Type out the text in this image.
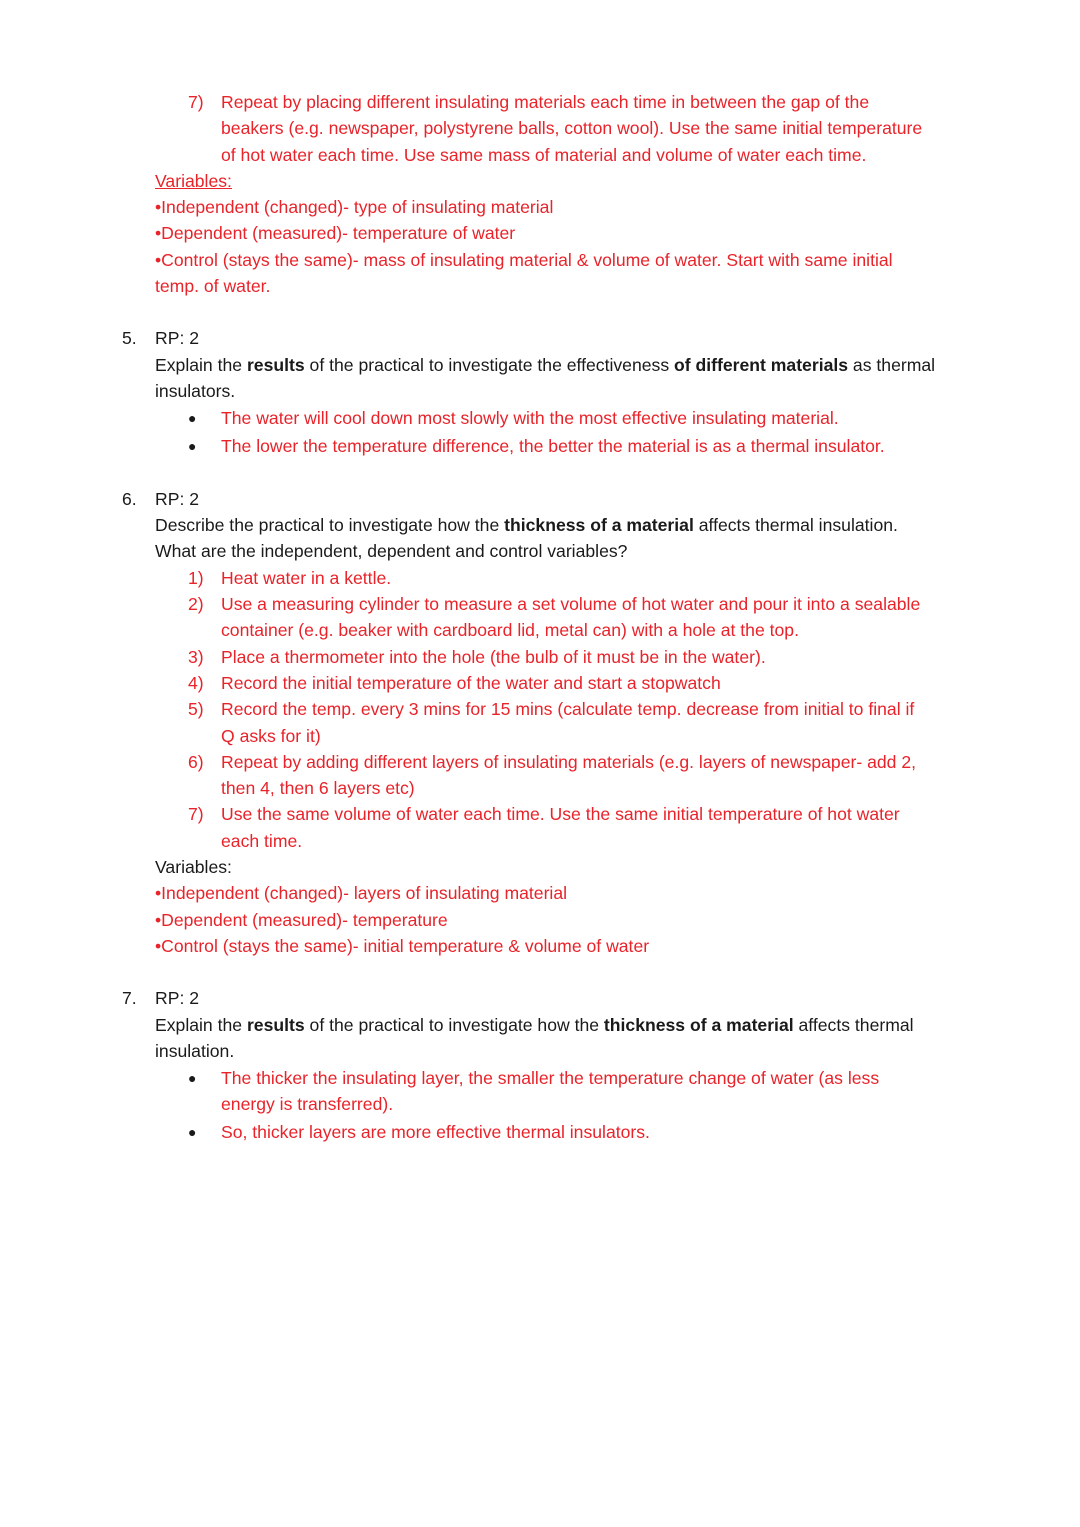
7) Repeat by placing different insulating materials each time in between the gap of the
beakers (e.g. newspaper, polystyrene balls, cotton wool). Use the same initial temperature
of hot water each time. Use same mass of material and volume of water each time.
Variables:
•Independent (changed)- type of insulating material
•Dependent (measured)- temperature of water
•Control (stays the same)- mass of insulating material & volume of water. Start with same initial
temp. of water.
5.	RP: 2
Explain the results of the practical to investigate the effectiveness of different materials as thermal
insulators.
● The water will cool down most slowly with the most effective insulating material.
● The lower the temperature difference, the better the material is as a thermal insulator.
6.	RP: 2
Describe the practical to investigate how the thickness of a material affects thermal insulation.
What are the independent, dependent and control variables?
1) Heat water in a kettle.
2) Use a measuring cylinder to measure a set volume of hot water and pour it into a sealable
container (e.g. beaker with cardboard lid, metal can) with a hole at the top.
3) Place a thermometer into the hole (the bulb of it must be in the water).
4) Record the initial temperature of the water and start a stopwatch
5) Record the temp. every 3 mins for 15 mins (calculate temp. decrease from initial to final if
Q asks for it)
6) Repeat by adding different layers of insulating materials (e.g. layers of newspaper- add 2,
then 4, then 6 layers etc)
7) Use the same volume of water each time. Use the same initial temperature of hot water
each time.
Variables:
•Independent (changed)- layers of insulating material
•Dependent (measured)- temperature
•Control (stays the same)- initial temperature & volume of water
7.	RP: 2
Explain the results of the practical to investigate how the thickness of a material affects thermal
insulation.
● The thicker the insulating layer, the smaller the temperature change of water (as less
energy is transferred).
● So, thicker layers are more effective thermal insulators.
